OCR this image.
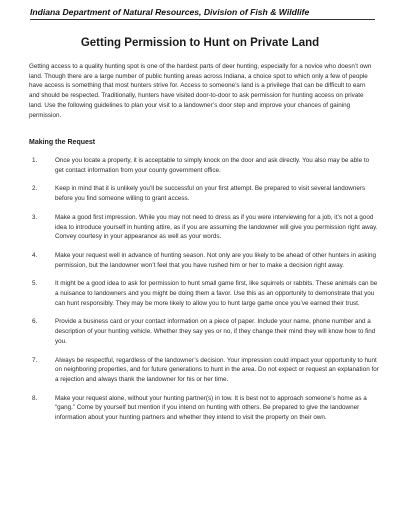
Indiana Department of Natural Resources, Division of Fish & Wildlife
Getting Permission to Hunt on Private Land
Getting access to a quality hunting spot is one of the hardest parts of deer hunting, especially for a novice who doesn’t own land. Though there are a large number of public hunting areas across Indiana, a choice spot to which only a few of people have access is something that most hunters strive for. Access to someone’s land is a privilege that can be difficult to earn and should be respected. Traditionally, hunters have visited door-to-door to ask permission for hunting access on private land. Use the following guidelines to plan your visit to a landowner’s door step and improve your chances of gaining permission.
Making the Request
1.	Once you locate a property, it is acceptable to simply knock on the door and ask directly. You also may be able to get contact information from your county government office.
2.	Keep in mind that it is unlikely you’ll be successful on your first attempt. Be prepared to visit several landowners before you find someone willing to grant access.
3.	Make a good first impression. While you may not need to dress as if you were interviewing for a job, it’s not a good idea to introduce yourself in hunting attire, as if you are assuming the landowner will give you permission right away. Convey courtesy in your appearance as well as your words.
4.	Make your request well in advance of hunting season. Not only are you likely to be ahead of other hunters in asking permission, but the landowner won’t feel that you have rushed him or her to make a decision right away.
5.	It might be a good idea to ask for permission to hunt small game first, like squirrels or rabbits. These animals can be a nuisance to landowners and you might be doing them a favor. Use this as an opportunity to demonstrate that you can hunt responsibly. They may be more likely to allow you to hunt large game once you’ve earned their trust.
6.	Provide a business card or your contact information on a piece of paper. Include your name, phone number and a description of your hunting vehicle. Whether they say yes or no, if they change their mind they will know how to find you.
7.	Always be respectful, regardless of the landowner’s decision. Your impression could impact your opportunity to hunt on neighboring properties, and for future generations to hunt in the area. Do not expect or request an explanation for a rejection and always thank the landowner for his or her time.
8.	Make your request alone, without your hunting partner(s) in tow. It is best not to approach someone’s home as a “gang.” Come by yourself but mention if you intend on hunting with others. Be prepared to give the landowner information about your hunting partners and whether they intend to visit the property on their own.
